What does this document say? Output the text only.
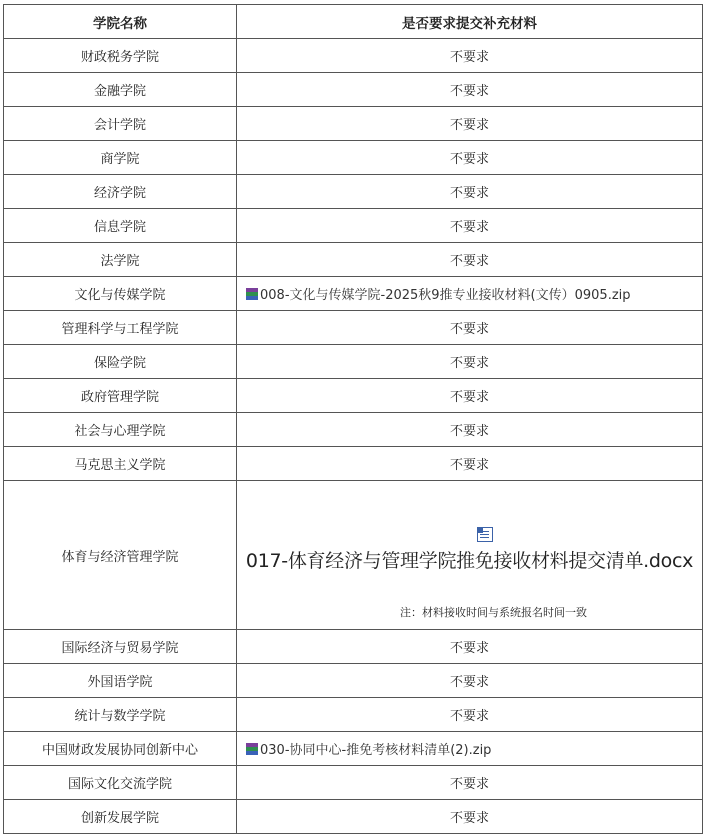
学院名称	是否要求提交补充材料
财政税务学院	不要求
金融学院	不要求
会计学院	不要求
商学院	不要求
经济学院	不要求
信息学院	不要求
法学院	不要求
文化与传媒学院	008-文化与传媒学院-2025秋9推专业接收材料(文传）0905.zip
管理科学与工程学院	不要求
保险学院	不要求
政府管理学院	不要求
社会与心理学院	不要求
马克思主义学院	不要求
体育与经济管理学院	017-体育经济与管理学院推免接收材料提交清单.docx
注：材料接收时间与系统报名时间一致

国际经济与贸易学院	不要求
外国语学院	不要求
统计与数学学院	不要求
中国财政发展协同创新中心	030-协同中心-推免考核材料清单(2).zip
国际文化交流学院	不要求
创新发展学院	不要求
